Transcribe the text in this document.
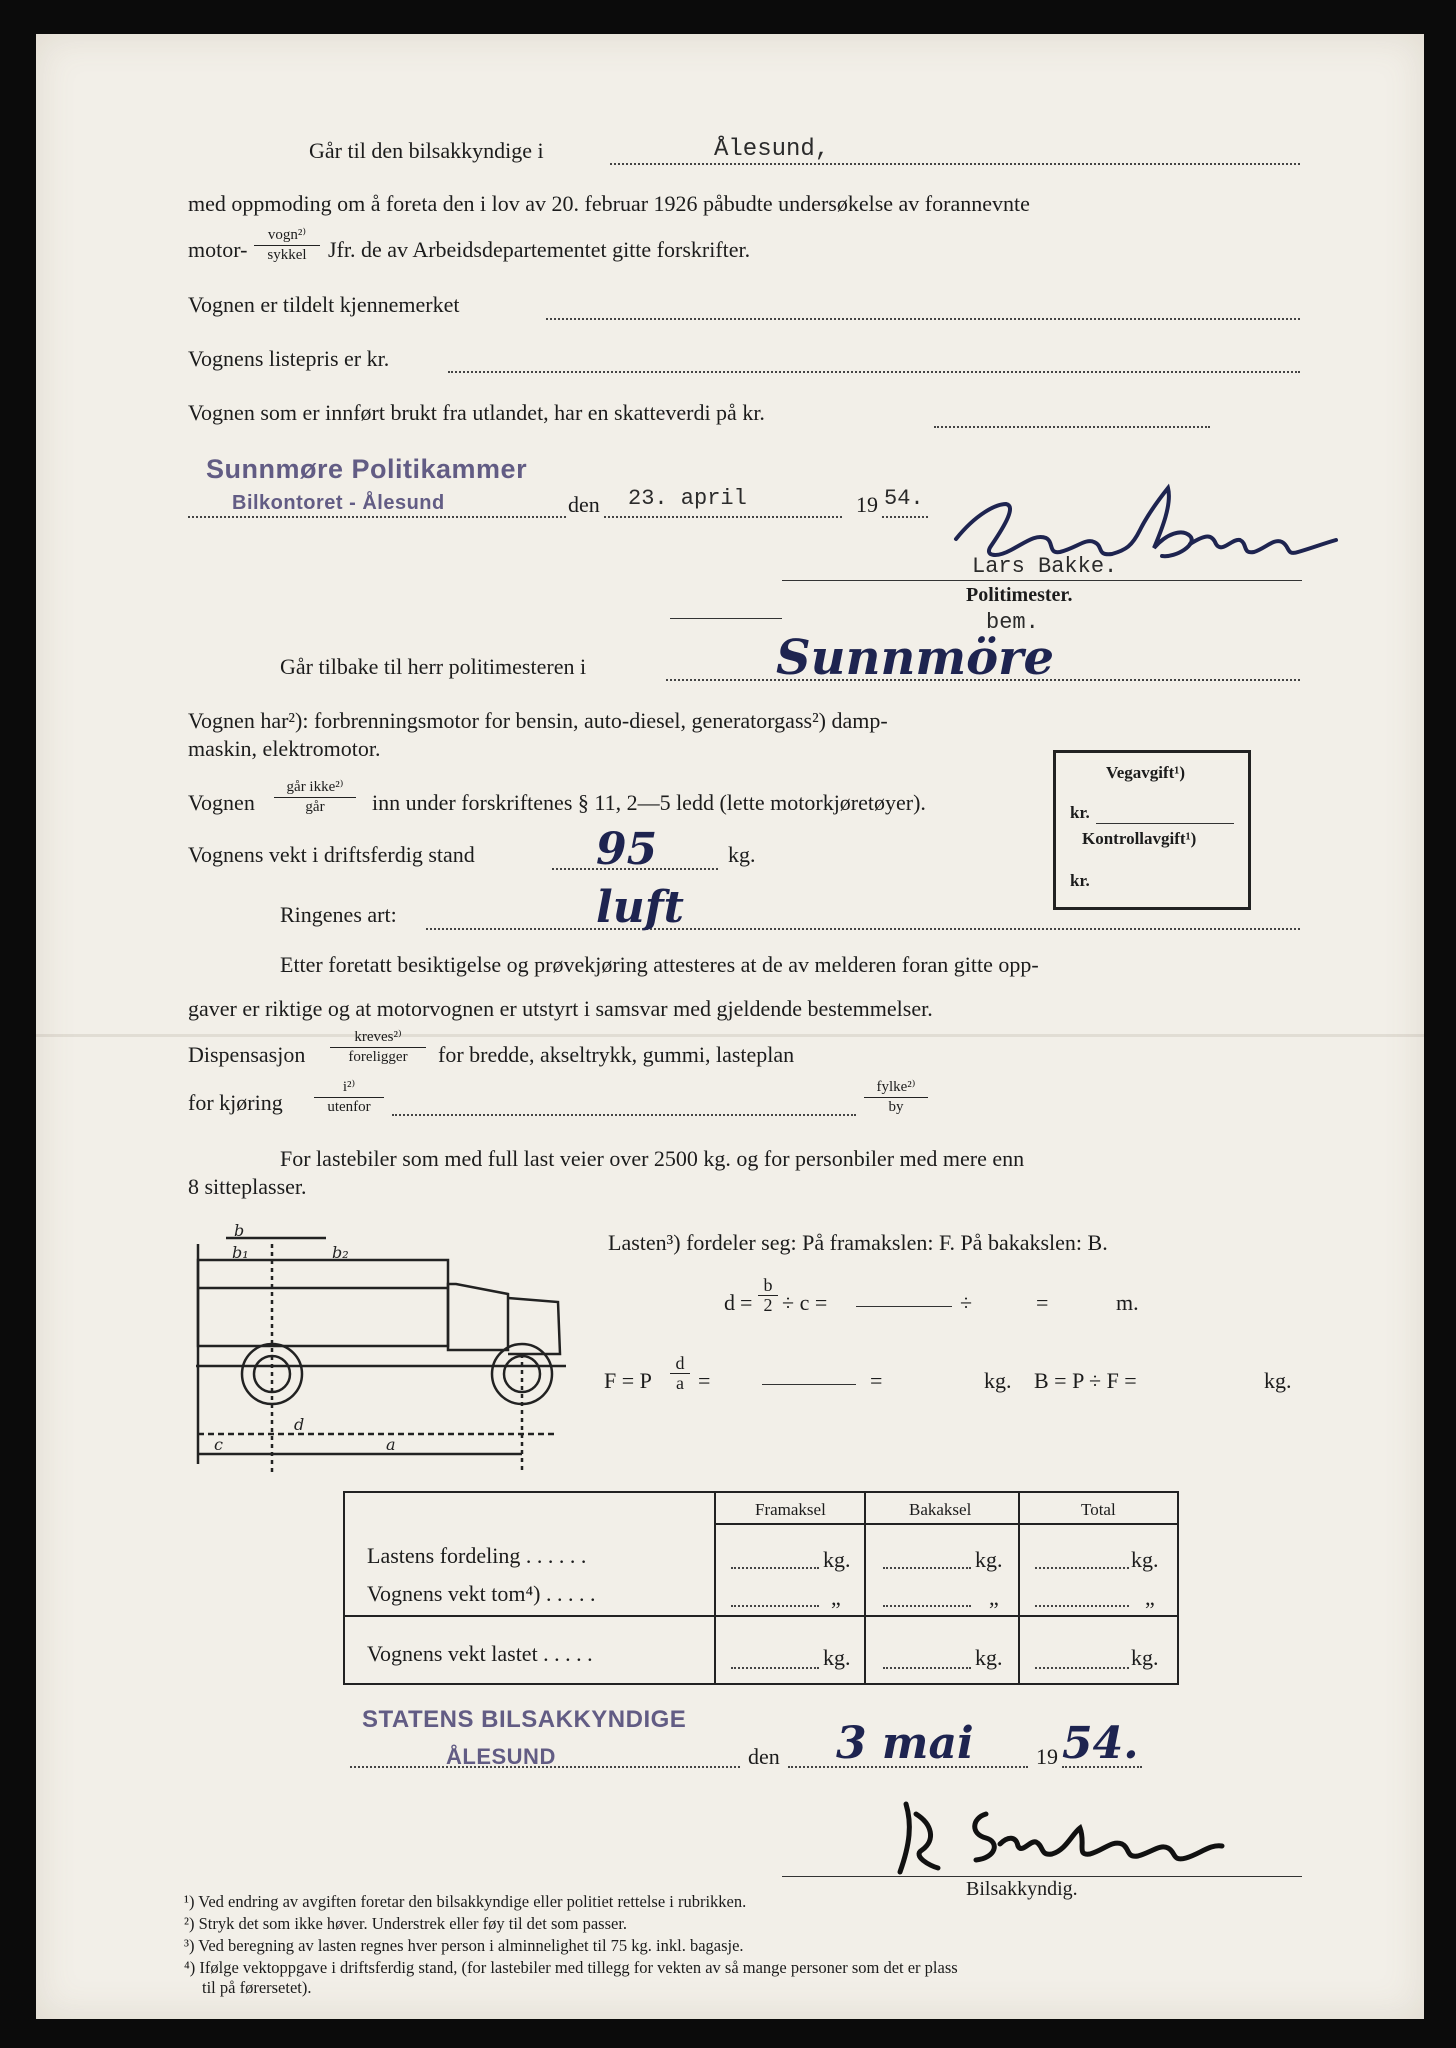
Går til den bilsakkyndige i	Ålesund,
med oppmoding om å foreta den i lov av 20. februar 1926 påbudte undersøkelse av forannevnte
motor-
vogn²⁾
sykkel Jfr. de av Arbeidsdepartementet gitte forskrifter.
Vognen er tildelt kjennemerket
Vognens listepris er kr.
Vognen som er innført brukt fra utlandet, har en skatteverdi på kr.
Sunnmøre Politikammer
Bilkontoret - Ålesund	den 23. april	19 54.
Lars Bakke.
Politimester.
bem.
Går tilbake til herr politimesteren i	Sunnmöre
Vognen har²): forbrenningsmotor for bensin, auto-diesel, generatorgass²) damp-
maskin, elektromotor.
Vegavgift¹)
kr.
Kontrollavgift¹)
kr.
Vognen
går ikke²⁾
går	inn under forskriftenes § 11, 2—5 ledd (lette motorkjøretøyer).
Vognens vekt i driftsferdig stand	95	kg.
Ringenes art:	luft
Etter foretatt besiktigelse og prøvekjøring attesteres at de av melderen foran gitte opp-
gaver er riktige og at motorvognen er utstyrt i samsvar med gjeldende bestemmelser.
Dispensasjon
kreves²⁾
foreligger	for bredde, akseltrykk, gummi, lasteplan
for kjøring
i²⁾
utenfor
fylke²⁾
by
For lastebiler som med full last veier over 2500 kg. og for personbiler med mere enn
8 sitteplasser.
b
b₁	b₂
d
c	a
Lasten³) fordeler seg: På framakslen: F. På bakakslen: B.
$d = \frac{b}{2} \div c$ =	÷	=	m.
F = P $\frac{d}{a}$ =	=	kg. B = P ÷ F =	kg.
Framaksel	Bakaksel	Total
Lastens fordeling . . . . . .	kg.	kg.	kg.
Vognens vekt tom⁴) . . . . .	„	„	„
Vognens vekt lastet . . . . .	kg.	kg.	kg.
STATENS BILSAKKYNDIGE
ÅLESUND	den 3 mai	19 54.
Bilsakkyndig.
¹) Ved endring av avgiften foretar den bilsakkyndige eller politiet rettelse i rubrikken.
²) Stryk det som ikke høver. Understrek eller føy til det som passer.
³) Ved beregning av lasten regnes hver person i alminnelighet til 75 kg. inkl. bagasje.
⁴) Ifølge vektoppgave i driftsferdig stand, (for lastebiler med tillegg for vekten av så mange personer som det er plass
til på førersetet).
